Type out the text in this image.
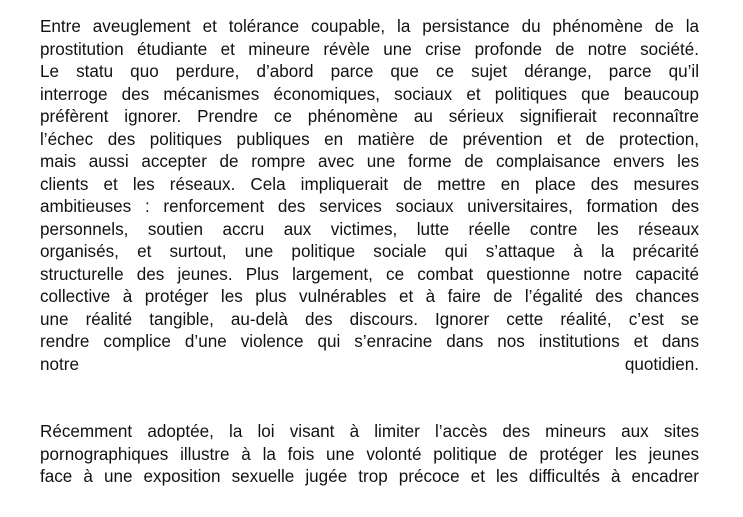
Entre aveuglement et tolérance coupable, la persistance du phénomène de la
prostitution étudiante et mineure révèle une crise profonde de notre société.
Le statu quo perdure, d’abord parce que ce sujet dérange, parce qu’il
interroge des mécanismes économiques, sociaux et politiques que beaucoup
préfèrent ignorer. Prendre ce phénomène au sérieux signifierait reconnaître
l’échec des politiques publiques en matière de prévention et de protection,
mais aussi accepter de rompre avec une forme de complaisance envers les
clients et les réseaux. Cela impliquerait de mettre en place des mesures
ambitieuses : renforcement des services sociaux universitaires, formation des
personnels, soutien accru aux victimes, lutte réelle contre les réseaux
organisés, et surtout, une politique sociale qui s’attaque à la précarité
structurelle des jeunes. Plus largement, ce combat questionne notre capacité
collective à protéger les plus vulnérables et à faire de l’égalité des chances
une réalité tangible, au-delà des discours. Ignorer cette réalité, c’est se
rendre complice d’une violence qui s’enracine dans nos institutions et dans
notre quotidien.
Récemment adoptée, la loi visant à limiter l’accès des mineurs aux sites
pornographiques illustre à la fois une volonté politique de protéger les jeunes
face à une exposition sexuelle jugée trop précoce et les difficultés à encadrer
